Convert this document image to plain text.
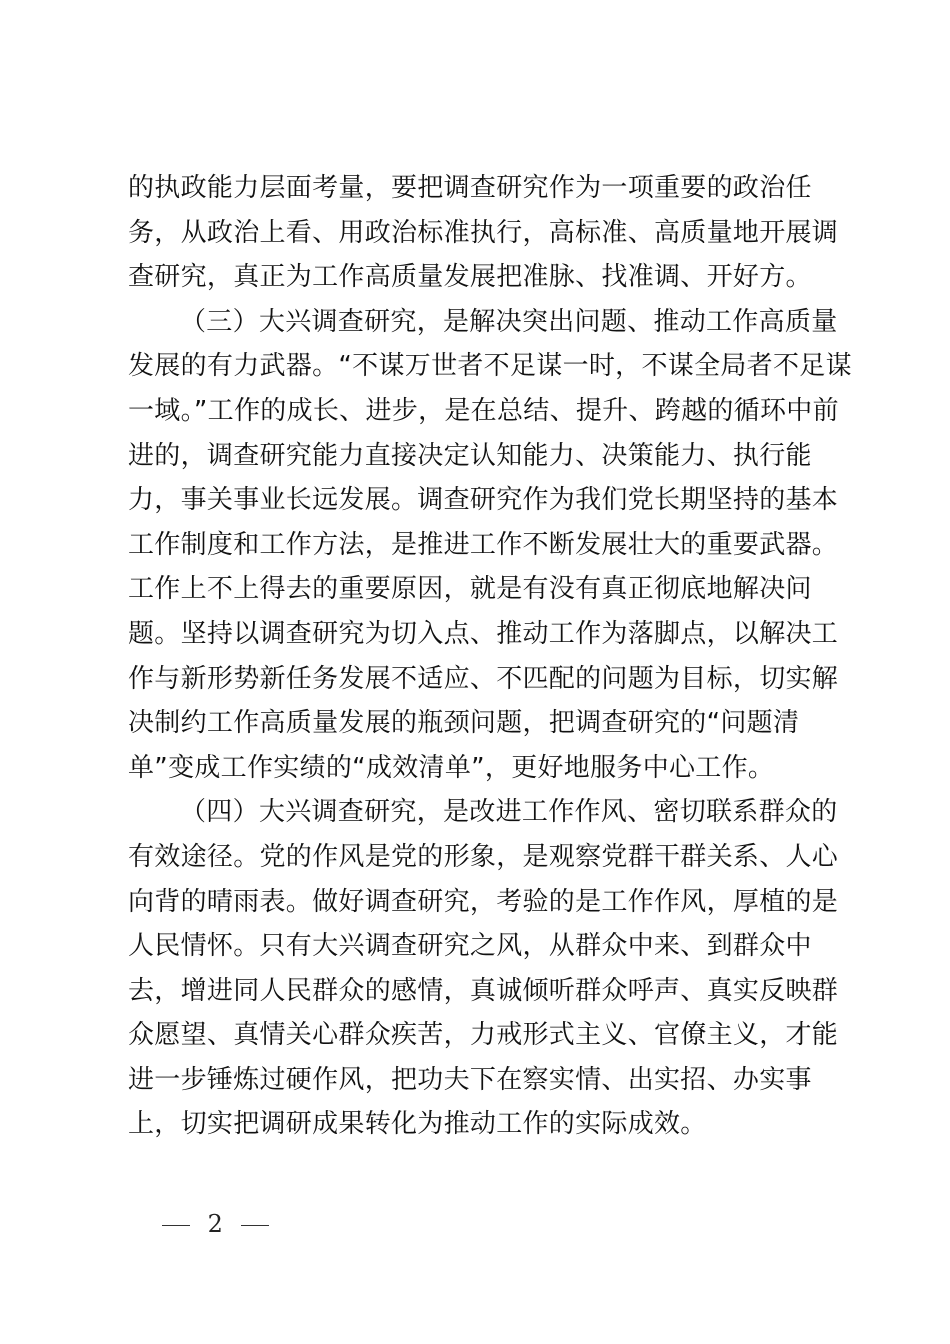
的执政能力层面考量，要把调查研究作为一项重要的政治任
务，从政治上看、用政治标准执行，高标准、高质量地开展调
查研究，真正为工作高质量发展把准脉、找准调、开好方。
（三）大兴调查研究，是解决突出问题、推动工作高质量
发展的有力武器。“不谋万世者不足谋一时，不谋全局者不足谋
一域。”工作的成长、进步，是在总结、提升、跨越的循环中前
进的，调查研究能力直接决定认知能力、决策能力、执行能
力，事关事业长远发展。调查研究作为我们党长期坚持的基本
工作制度和工作方法，是推进工作不断发展壮大的重要武器。
工作上不上得去的重要原因，就是有没有真正彻底地解决问
题。坚持以调查研究为切入点、推动工作为落脚点，以解决工
作与新形势新任务发展不适应、不匹配的问题为目标，切实解
决制约工作高质量发展的瓶颈问题，把调查研究的“问题清
单”变成工作实绩的“成效清单”，更好地服务中心工作。
（四）大兴调查研究，是改进工作作风、密切联系群众的
有效途径。党的作风是党的形象，是观察党群干群关系、人心
向背的晴雨表。做好调查研究，考验的是工作作风，厚植的是
人民情怀。只有大兴调查研究之风，从群众中来、到群众中
去，增进同人民群众的感情，真诚倾听群众呼声、真实反映群
众愿望、真情关心群众疾苦，力戒形式主义、官僚主义，才能
进一步锤炼过硬作风，把功夫下在察实情、出实招、办实事
上，切实把调研成果转化为推动工作的实际成效。
2
